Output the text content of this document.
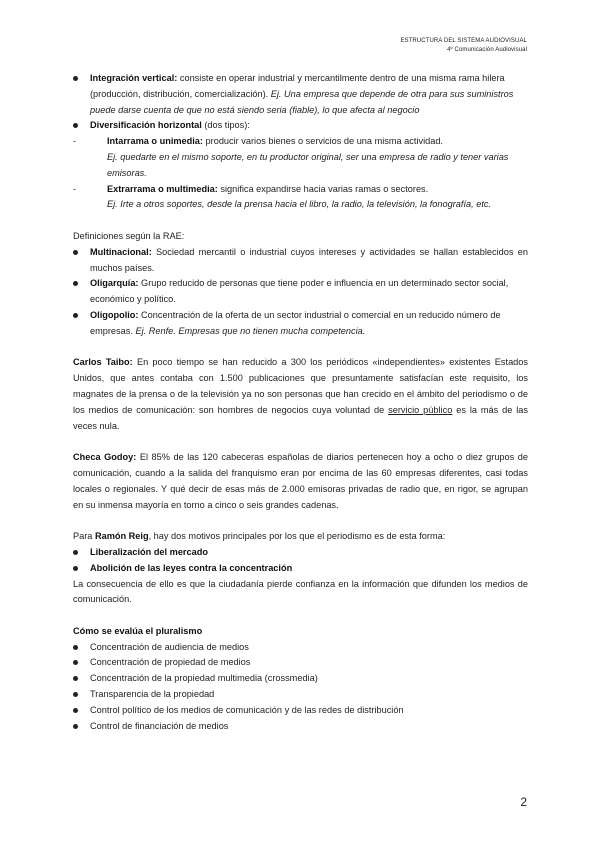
ESTRUCTURA DEL SISTEMA AUDIOVISUAL
4º Comunicación Audiovisual
Integración vertical: consiste en operar industrial y mercantilmente dentro de una misma rama hilera (producción, distribución, comercialización). Ej. Una empresa que depende de otra para sus suministros puede darse cuenta de que no está siendo seria (fiable), lo que afecta al negocio
Diversificación horizontal (dos tipos):
-	Intarrama o unimedia: producir varios bienes o servicios de una misma actividad.
Ej. quedarte en el mismo soporte, en tu productor original, ser una empresa de radio y tener varias emisoras.
-	Extrarrama o multimedia: significa expandirse hacia varias ramas o sectores.
Ej. Irte a otros soportes, desde la prensa hacia el libro, la radio, la televisión, la fonografía, etc.
Definiciones según la RAE:
Multinacional: Sociedad mercantil o industrial cuyos intereses y actividades se hallan establecidos en muchos países.
Oligarquía: Grupo reducido de personas que tiene poder e influencia en un determinado sector social, económico y político.
Oligopolio: Concentración de la oferta de un sector industrial o comercial en un reducido número de empresas. Ej. Renfe. Empresas que no tienen mucha competencia.
Carlos Taibo: En poco tiempo se han reducido a 300 los periódicos «independientes» existentes Estados Unidos, que antes contaba con 1.500 publicaciones que presuntamente satisfacían este requisito, los magnates de la prensa o de la televisión ya no son personas que han crecido en el ámbito del periodismo o de los medios de comunicación: son hombres de negocios cuya voluntad de servicio público es la más de las veces nula.
Checa Godoy: El 85% de las 120 cabeceras españolas de diarios pertenecen hoy a ocho o diez grupos de comunicación, cuando a la salida del franquismo eran por encima de las 60 empresas diferentes, casi todas locales o regionales. Y qué decir de esas más de 2.000 emisoras privadas de radio que, en rigor, se agrupan en su inmensa mayoría en torno a cinco o seis grandes cadenas.
Para Ramón Reig, hay dos motivos principales por los que el periodismo es de esta forma:
Liberalización del mercado
Abolición de las leyes contra la concentración
La consecuencia de ello es que la ciudadanía pierde confianza en la información que difunden los medios de comunicación.
Cómo se evalúa el pluralismo
Concentración de audiencia de medios
Concentración de propiedad de medios
Concentración de la propiedad multimedia (crossmedia)
Transparencia de la propiedad
Control político de los medios de comunicación y de las redes de distribución
Control de financiación de medios
2
